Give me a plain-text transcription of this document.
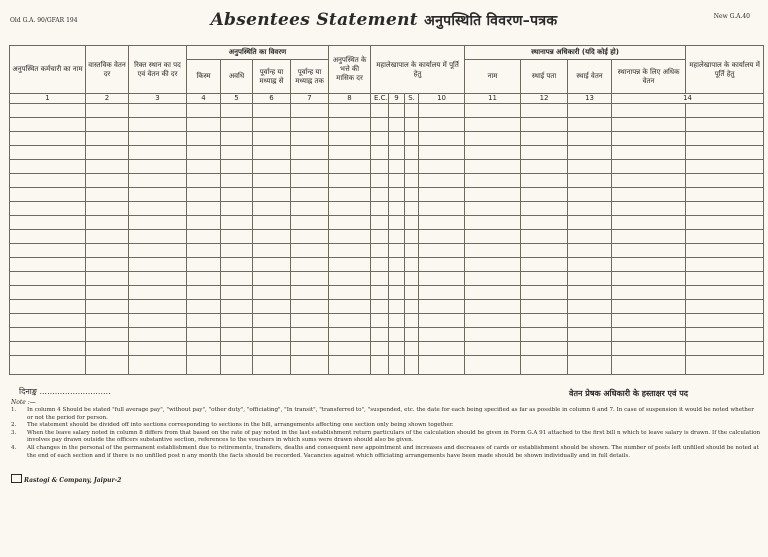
Old G.A. 90/GFAR 194
New G.A.40
Absentees Statement अनुपस्थिति विवरण–पत्रक
अनुपस्थित कर्मचारी का नाम	वास्तविक वेतन दर	रिक्त स्थान का पद एवं वेतन की दर	अनुपस्थिति का विवरण				अनुपस्थित के भत्ते की मासिक दर	महालेखापाल के कार्यालय में पूर्ति हेतु				स्थानापन्न अधिकारी (यदि कोई हो)				महालेखापाल के कार्यालय में पूर्ति हेतु
			किस्म	अवधि	पूर्वान्ह या मध्याह्न से	पूर्वान्ह या मध्याह्न तक						नाम	स्थाई पता	स्थाई वेतन	स्थानापन्न के लिए अधिक वेतन	
1	2	3	4	5	6	7	8	E.C.	9	S.	10	11	12	13	14	

दिनाङ्क ............................	वेतन प्रेषक अधिकारी के हस्ताक्षर एवं पद
Note :—
1.	In column 4 Should be stated "full average pay", "without pay", "other duty", "officiating", "In transit", "transferred to", "suspended, etc. the date for each being specified as far as possible in column 6 and 7. In case of suspension it would be noted whether or not the period for person.
2.	The statement should be divided off into sections corresponding to sections in the bill, arrangements affecting one section only being shown together.
3.	When the leave salary noted in column 8 differs from that based on the rate of pay noted in the last establishment return particulars of the calculation should be given in Form G.A 91 attached to the first bill n which te leave salary is drawn. If the calculation involves pay drawn outside the officers substantive section, references to the vouchers in which sums were drawn should also be given.
4.	All changes in the personal of the permanent establishment due to retirements, transfers, deaths and consequent new appointment and increases and decreases of cards or establishment should be shown. The number of posts left unfilled should be noted at the end of each section and if there is no unfilled post n any month the facts should be recorded. Vacancies against which officiating arrangements have been made should be shown individually and in full details.
Rastogi & Company, Jaipur-2
